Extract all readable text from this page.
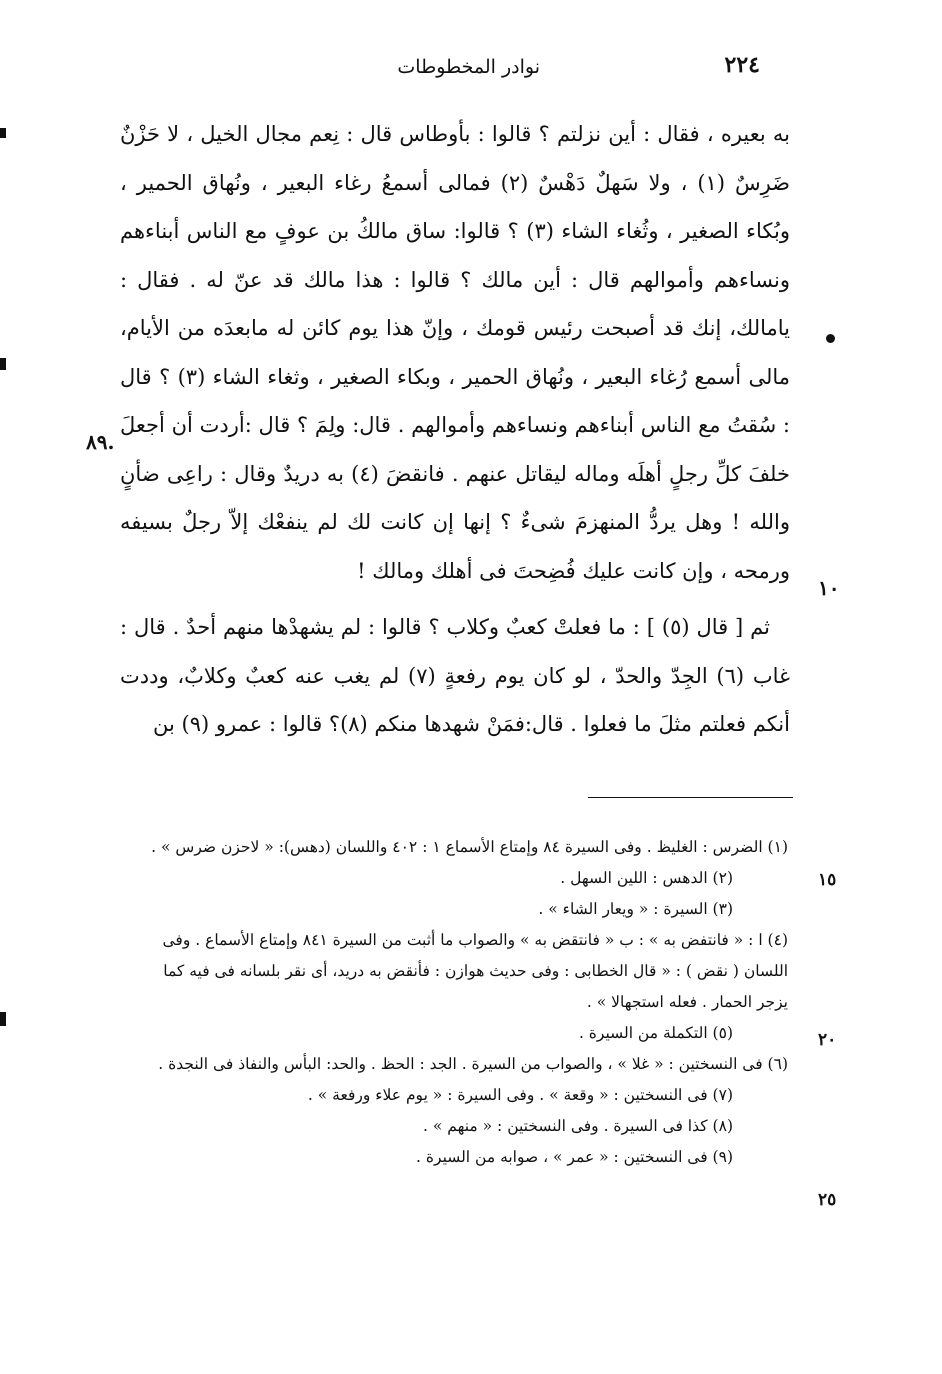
٢٢٤
نوادر المخطوطات
٨٩.
١٠
١٥
٢٠
٢٥

به بعيره ، فقال : أين نزلتم ؟ قالوا : بأوطاس قال : نِعم مجال الخيل ، لا حَزْنٌ ضَرِسٌ (١) ، ولا سَهلٌ دَهْسٌ (٢) فمالى أسمعُ رغاء البعير ، ونُهاق الحمير ، وبُكاء الصغير ، وثُغاء الشاء (٣) ؟ قالوا: ساق مالكُ بن عوفٍ مع الناس أبناءهم ونساءهم وأموالهم قال : أين مالك ؟ قالوا : هذا مالك قد عنّ له . فقال : يامالك، إنك قد أصبحت رئيس قومك ، وإنّ هذا يوم كائن له مابعدَه من الأيام، مالى أسمع رُغاء البعير ، ونُهاق الحمير ، وبكاء الصغير ، وثغاء الشاء (٣) ؟ قال : سُقتُ مع الناس أبناءهم ونساءهم وأموالهم . قال: ولِمَ ؟ قال :أردت أن أجعلَ خلفَ كلِّ رجلٍ أهلَه وماله ليقاتل عنهم . فانقضَ (٤) به دريدٌ وقال : راعِى ضأنٍ والله ! وهل يردُّ المنهزمَ شىءٌ ؟ إنها إن كانت لك لم ينفعْك إلاّ رجلٌ بسيفه ورمحه ، وإن كانت عليك فُضِحتَ فى أهلك ومالك !

ثم [ قال (٥) ] : ما فعلتْ كعبٌ وكلاب ؟ قالوا : لم يشهدْها منهم أحدٌ . قال : غاب (٦) الجِدّ والحدّ ، لو كان يوم رفعةٍ (٧) لم يغب عنه كعبٌ وكلابٌ، وددت أنكم فعلتم مثلَ ما فعلوا . قال:فمَنْ شهدها منكم (٨)؟ قالوا : عمرو (٩) بن

(١) الضرس : الغليظ . وفى السيرة ٨٤ وإمتاع الأسماع ١ : ٤٠٢ واللسان (دهس): « لاحزن ضرس » .

(٢) الدهس : اللين السهل .

(٣) السيرة : « ويعار الشاء » .

(٤) ا : « فانتفض به » : ب « فانتقض به » والصواب ما أثبت من السيرة ٨٤١ وإمتاع الأسماع . وفى اللسان ( نقض ) : « قال الخطابى : وفى حديث هوازن : فأنقض به دريد، أى نقر بلسانه فى فيه كما يزجر الحمار . فعله استجهالا » .

(٥) التكملة من السيرة .

(٦) فى النسختين : « غلا » ، والصواب من السيرة . الجد : الحظ . والحد: البأس والنفاذ فى النجدة .

(٧) فى النسختين : « وقعة » . وفى السيرة : « يوم علاء ورفعة » .

(٨) كذا فى السيرة . وفى النسختين : « منهم » .

(٩) فى النسختين : « عمر » ، صوابه من السيرة .
